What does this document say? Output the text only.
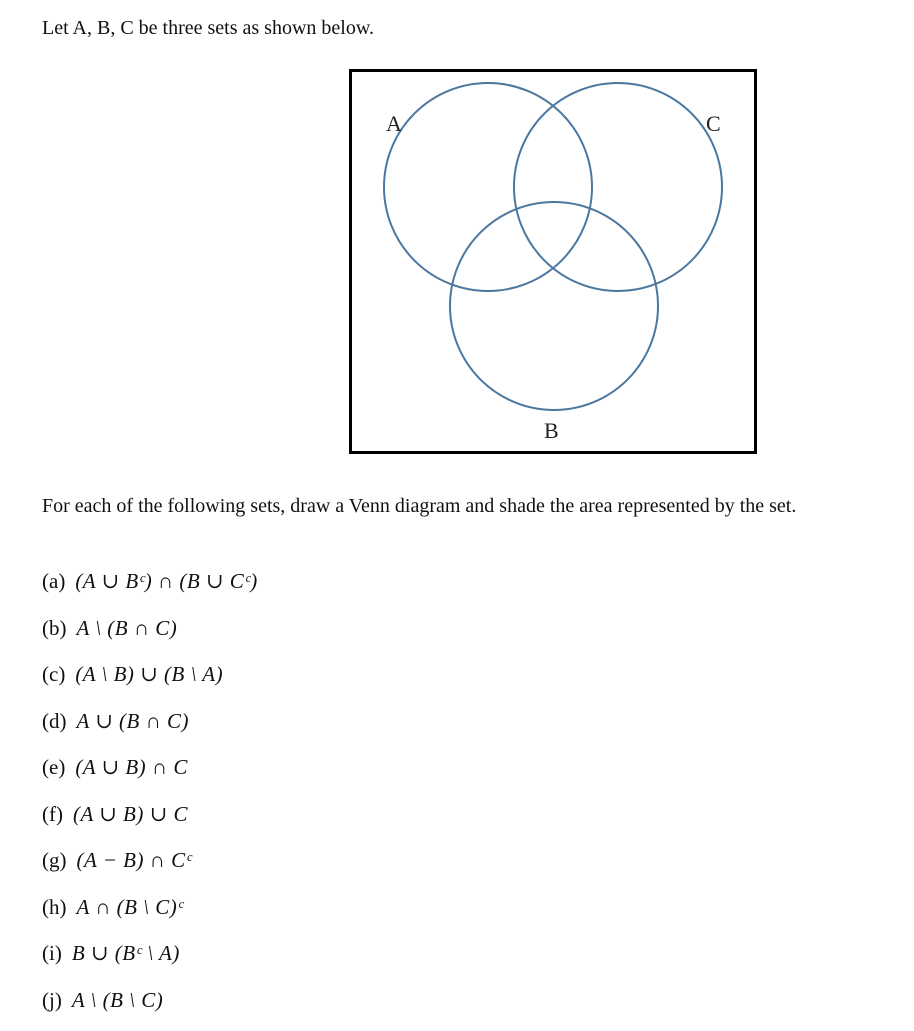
Let A, B, C be three sets as shown below.
A	C
B
For each of the following sets, draw a Venn diagram and shade the area represented by the set.
(a) (A ∪ Bᶜ) ∩ (B ∪ Cᶜ)
(b) A \ (B ∩ C)
(c) (A \ B) ∪ (B \ A)
(d) A ∪ (B ∩ C)
(e) (A ∪ B) ∩ C
(f) (A ∪ B) ∪ C
(g) (A − B) ∩ Cᶜ
(h) A ∩ (B \ C)ᶜ
(i) B ∪ (Bᶜ \ A)
(j) A \ (B \ C)
